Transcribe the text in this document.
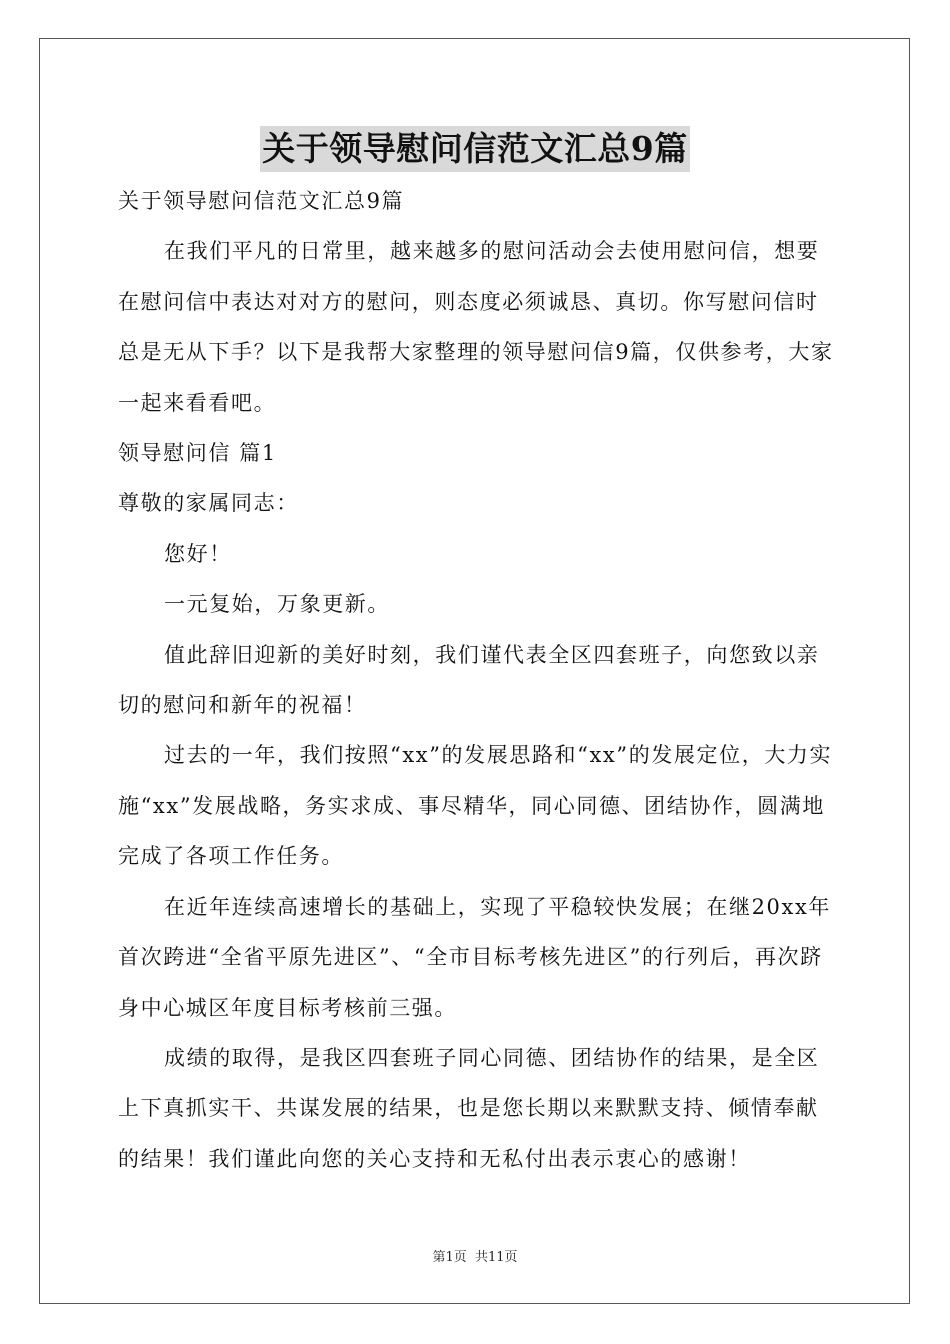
关于领导慰问信范文汇总9篇

关于领导慰问信范文汇总9篇

在我们平凡的日常里，越来越多的慰问活动会去使用慰问信，想要在慰问信中表达对对方的慰问，则态度必须诚恳、真切。你写慰问信时总是无从下手？以下是我帮大家整理的领导慰问信9篇，仅供参考，大家一起来看看吧。

领导慰问信 篇1

尊敬的家属同志：

您好！

一元复始，万象更新。

值此辞旧迎新的美好时刻，我们谨代表全区四套班子，向您致以亲切的慰问和新年的祝福！

过去的一年，我们按照“xx”的发展思路和“xx”的发展定位，大力实施“xx”发展战略，务实求成、事尽精华，同心同德、团结协作，圆满地完成了各项工作任务。

在近年连续高速增长的基础上，实现了平稳较快发展；在继20xx年首次跨进“全省平原先进区”、“全市目标考核先进区”的行列后，再次跻身中心城区年度目标考核前三强。

成绩的取得，是我区四套班子同心同德、团结协作的结果，是全区上下真抓实干、共谋发展的结果，也是您长期以来默默支持、倾情奉献的结果！我们谨此向您的关心支持和无私付出表示衷心的感谢！

第1页 共11页
